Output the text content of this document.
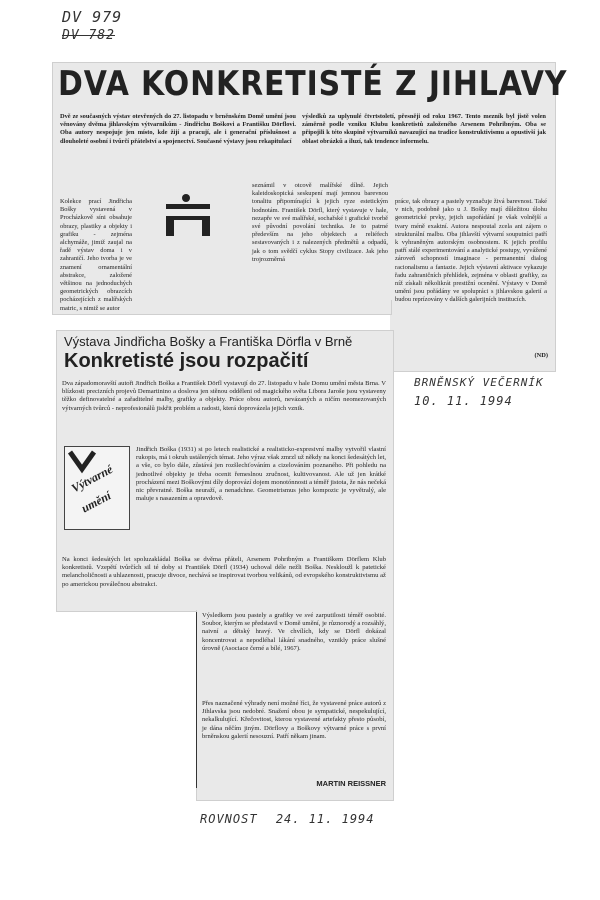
DV 979
DV 782
DVA KONKRETISTÉ Z JIHLAVY
Dvě ze současných výstav otevřených do 27. listopadu v brněnském Domě umění jsou věnovány dvěma jihlavským výtvarníkům - Jindřichu Boškovi a Františku Dörflovi. Oba autory nespojuje jen místo, kde žijí a pracují, ale i generační příslušnost a dlouholeté osobní i tvůrčí přátelství a spojenectví. Současné výstavy jsou rekapitulací
výsledků za uplynulé čtvrtstoletí, přesněji od roku 1967. Tento mezník byl jistě volen záměrně podle vzniku Klubu konkretistů založeného Arsenem Pohribným. Oba se připojili k této skupině výtvarníků navazující na tradice konstruktivismu a opustivší jak oblast obrázků a iluzí, tak tendence informelu.
Kolekce prací Jindřicha Bošky vystavená v Procházkově síni obsahuje obrazy, plastiky a objekty i grafiku - zejména alchymáže, jimiž zaujal na řadě výstav doma i v zahraničí. Jeho tvorba je ve znamení ornamentální abstrakce, založené většinou na jednoduchých geometrických obrazcích pocházejících z malířských matric, s nimiž se autor
seznámil v otcově malířské dílně. Jejich kaleidoskopická seskupení mají jemnou barevnou tonalitu připomínající k jejich ryze estetickým hodnotám. František Dörfl, který vystavuje v hale, nezapře ve své malířské, sochařské i grafické tvorbě své původní povolání technika. Je to patrné především na jeho objektech a reliéfech sestavovaných i z nalezených předmětů a odpadů, jak o tom svědčí cyklus Stopy civilizace. Jak jeho trojrozměrná
práce, tak obrazy a pastely vyznačuje živá barevnost. Také v nich, podobně jako u J. Bošky mají důležitou úlohu geometrické prvky, jejich uspořádání je však volnější a tvary méně exaktní. Autora nespoutal zcela ani zájem o strukturální malbu. Oba jihlavští výtvarní souputníci patří k vyhraněným autorským osobnostem. K jejich profilu patří stálé experimentování a analytické postupy, vyvážené zároveň schopností imaginace - permanentní dialog racionalismu a fantazie. Jejich výstavní aktivace vykazuje řadu zahraničních přehlídek, zejména v oblasti grafiky, za níž získali několikrát prestižní ocenění. Výstavy v Domě umění jsou pořádány ve spolupráci s jihlavskou galerií a budou reprízovány v dalších galerijních institucích.
(ND)
BRNĚNSKÝ VEČERNÍK
10. 11. 1994
Výstava Jindřicha Bošky a Františka Dörfla v Brně
Konkretisté jsou rozpačití
Dva západomoravští autoři Jindřich Boška a František Dörfl vystavují do 27. listopadu v hale Domu umění města Brna. V blízkosti precizních projevů Demartinino a doslova jen stěnou odděleni od magického světa Libora Jaroše jsou vystaveny těžko definovatelné a zařaditelné malby, grafiky a objekty. Práce obou autorů, nevázaných a ničím neomezovaných výtvarných tvůrců - neprofesionálů jiskřit problém a radosti, která doprovázela jejich vznik.
Výtvarné
umění
Jindřich Boška (1931) si po letech realistické a realisticko-expresivní malby vytvořil vlastní rukopis, má i okruh ustálených témat. Jeho výraz však zmrzl už někdy na konci šedesátých let, a vše, co bylo dále, zůstává jen rozšlechťováním a cizelováním poznaného. Při pohledu na jednotlivé objekty je třeba ocenit řemeslnou zručnost, kultivovanost. Ale už jen krátké procházení mezi Boškovými díly doprovází dojem monotónnosti a téměř jistota, že nás nečeká nic převratné. Boška neuraží, a nenadchne. Geometrismus jeho kompozic je vyvětralý, ale maluje s nasazením a opravdově.
Na konci šedesátých let spoluzakládal Boška se dvěma přáteli, Arsenem Pohribným a Františkem Dörflem Klub konkretistů. Vzepětí tvůrčích sil té doby si František Dörfl (1934) uchoval déle nežli Boška. Neskloužl k patetické melancholičnosti a uhlazenosti, pracuje divoce, nechává se inspirovat tvorbou velikánů, od evropského konstruktivismu až po americkou poválečnou abstrakci.
Výsledkem jsou pastely a grafiky ve své zarputilosti téměř osobité. Soubor, kterým se představil v Domě umění, je různorodý a rozsáhlý, naivní a dětský hravý. Ve chvílích, kdy se Dörfl dokázal koncentrovat a nepodléhal lákání snadného, vznikly práce slušné úrovně (Asociace černé a bílé, 1967).
Přes naznačené výhrady není možné říci, že vystavené práce autorů z Jihlavska jsou nedobré. Snažení obou je sympatické, nespekulující, nekalkulující. Křečovitost, kterou vystavené artefakty přesto působí, je dána něčím jiným. Dörflovy a Boškovy výtvarné práce s první brněnskou galerií nesouzní. Patří někam jinam.
MARTIN REISSNER
ROVNOST 24. 11. 1994
